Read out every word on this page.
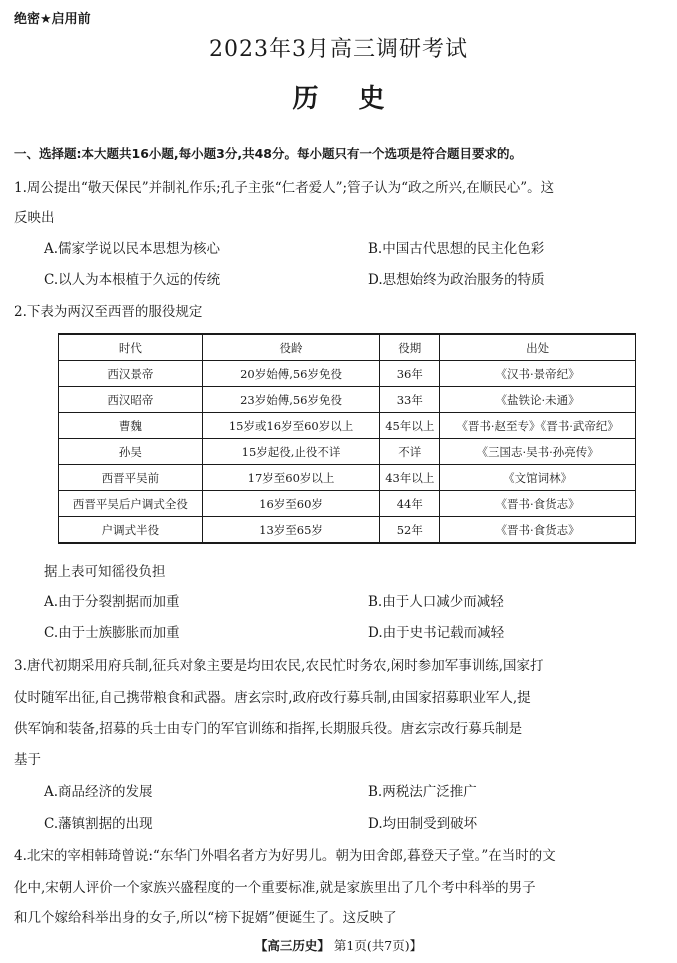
绝密★启用前
2023年3月高三调研考试
历史
一、选择题:本大题共16小题,每小题3分,共48分。每小题只有一个选项是符合题目要求的。
1.周公提出“敬天保民”并制礼作乐;孔子主张“仁者爱人”;管子认为“政之所兴,在顺民心”。这
反映出
A.儒家学说以民本思想为核心	B.中国古代思想的民主化色彩
C.以人为本根植于久远的传统	D.思想始终为政治服务的特质
2.下表为两汉至西晋的服役规定
时代	役龄	役期	出处
西汉景帝	20岁始傅,56岁免役	36年	《汉书·景帝纪》
西汉昭帝	23岁始傅,56岁免役	33年	《盐铁论·未通》
曹魏	15岁或16岁至60岁以上	45年以上	《晋书·赵至专》《晋书·武帝纪》
孙吴	15岁起役,止役不详	不详	《三国志·吴书·孙亮传》
西晋平吴前	17岁至60岁以上	43年以上	《文馆词林》
西晋平吴后户调式全役	16岁至60岁	44年	《晋书·食货志》
户调式半役	13岁至65岁	52年	《晋书·食货志》
据上表可知徭役负担
A.由于分裂割据而加重	B.由于人口减少而减轻
C.由于士族膨胀而加重	D.由于史书记载而减轻
3.唐代初期采用府兵制,征兵对象主要是均田农民,农民忙时务农,闲时参加军事训练,国家打
仗时随军出征,自己携带粮食和武器。唐玄宗时,政府改行募兵制,由国家招募职业军人,提
供军饷和装备,招募的兵士由专门的军官训练和指挥,长期服兵役。唐玄宗改行募兵制是
基于
A.商品经济的发展	B.两税法广泛推广
C.藩镇割据的出现	D.均田制受到破坏
4.北宋的宰相韩琦曾说:“东华门外唱名者方为好男儿。朝为田舍郎,暮登天子堂。”在当时的文
化中,宋朝人评价一个家族兴盛程度的一个重要标准,就是家族里出了几个考中科举的男子
和几个嫁给科举出身的女子,所以“榜下捉婿”便诞生了。这反映了
【高三历史】 第1页(共7页)】
